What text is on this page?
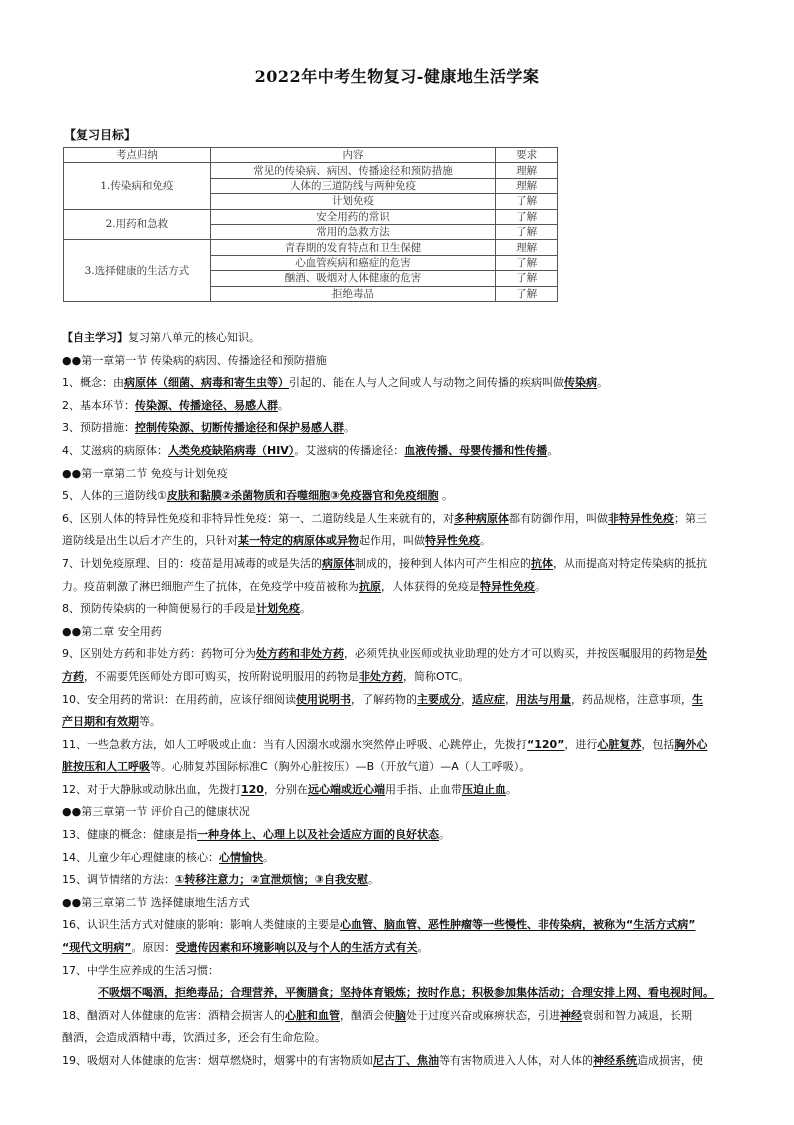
2022年中考生物复习-健康地生活学案
【复习目标】
考点归纳	内容	要求
1.传染病和免疫	常见的传染病、病因、传播途径和预防措施	理解
	人体的三道防线与两种免疫	理解
	计划免疫	了解
2.用药和急救	安全用药的常识	了解
	常用的急救方法	了解
3.选择健康的生活方式	青春期的发育特点和卫生保健	理解
	心血管疾病和癌症的危害	了解
	酗酒、吸烟对人体健康的危害	了解
	拒绝毒品	了解
【自主学习】复习第八单元的核心知识。
●●第一章第一节 传染病的病因、传播途径和预防措施
1、概念：由病原体（细菌、病毒和寄生虫等）引起的、能在人与人之间或人与动物之间传播的疾病叫做传染病。
2、基本环节：传染源、传播途径、易感人群。
3、预防措施：控制传染源、切断传播途径和保护易感人群。
4、艾滋病的病原体：人类免疫缺陷病毒（HIV）。艾滋病的传播途径：血液传播、母婴传播和性传播。
●●第一章第二节 免疫与计划免疫
5、人体的三道防线①皮肤和黏膜②杀菌物质和吞噬细胞③免疫器官和免疫细胞 。
6、区别人体的特异性免疫和非特异性免疫：第一、二道防线是人生来就有的，对多种病原体都有防御作用，叫做非特异性免疫；第三
道防线是出生以后才产生的，只针对某一特定的病原体或异物起作用，叫做特异性免疫。
7、计划免疫原理、目的：疫苗是用减毒的或是失活的病原体制成的，接种到人体内可产生相应的抗体，从而提高对特定传染病的抵抗
力。疫苗刺激了淋巴细胞产生了抗体，在免疫学中疫苗被称为抗原，人体获得的免疫是特异性免疫。
8、预防传染病的一种简便易行的手段是计划免疫。
●●第二章 安全用药
9、区别处方药和非处方药：药物可分为处方药和非处方药，必须凭执业医师或执业助理的处方才可以购买，并按医嘱服用的药物是处
方药，不需要凭医师处方即可购买，按所附说明服用的药物是非处方药，简称OTC。
10、安全用药的常识：在用药前，应该仔细阅读使用说明书，了解药物的主要成分，适应症，用法与用量，药品规格，注意事项，生
产日期和有效期等。
11、一些急救方法，如人工呼吸或止血：当有人因溺水或溺水突然停止呼吸、心跳停止，先拨打“120”，进行心脏复苏，包括胸外心
脏按压和人工呼吸等。心肺复苏国际标准C（胸外心脏按压）—B（开放气道）—A（人工呼吸）。
12、对于大静脉或动脉出血，先拨打120，分别在远心端或近心端用手指、止血带压迫止血。
●●第三章第一节 评价自己的健康状况
13、健康的概念：健康是指一种身体上、心理上以及社会适应方面的良好状态。
14、儿童少年心理健康的核心：心情愉快。
15、调节情绪的方法：①转移注意力；②宣泄烦恼；③自我安慰。
●●第三章第二节 选择健康地生活方式
16、认识生活方式对健康的影响：影响人类健康的主要是心血管、脑血管、恶性肿瘤等一些慢性、非传染病，被称为“生活方式病”
“现代文明病”。原因：受遗传因素和环境影响以及与个人的生活方式有关。
17、中学生应养成的生活习惯：
不吸烟不喝酒，拒绝毒品；合理营养，平衡膳食；坚持体育锻炼；按时作息；积极参加集体活动；合理安排上网、看电视时间。
18、酗酒对人体健康的危害：酒精会损害人的心脏和血管，酗酒会使脑处于过度兴奋或麻痹状态，引进神经衰弱和智力减退，长期
酗酒，会造成酒精中毒，饮酒过多，还会有生命危险。
19、吸烟对人体健康的危害：烟草燃烧时，烟雾中的有害物质如尼古丁、焦油等有害物质进入人体，对人体的神经系统造成损害，使
